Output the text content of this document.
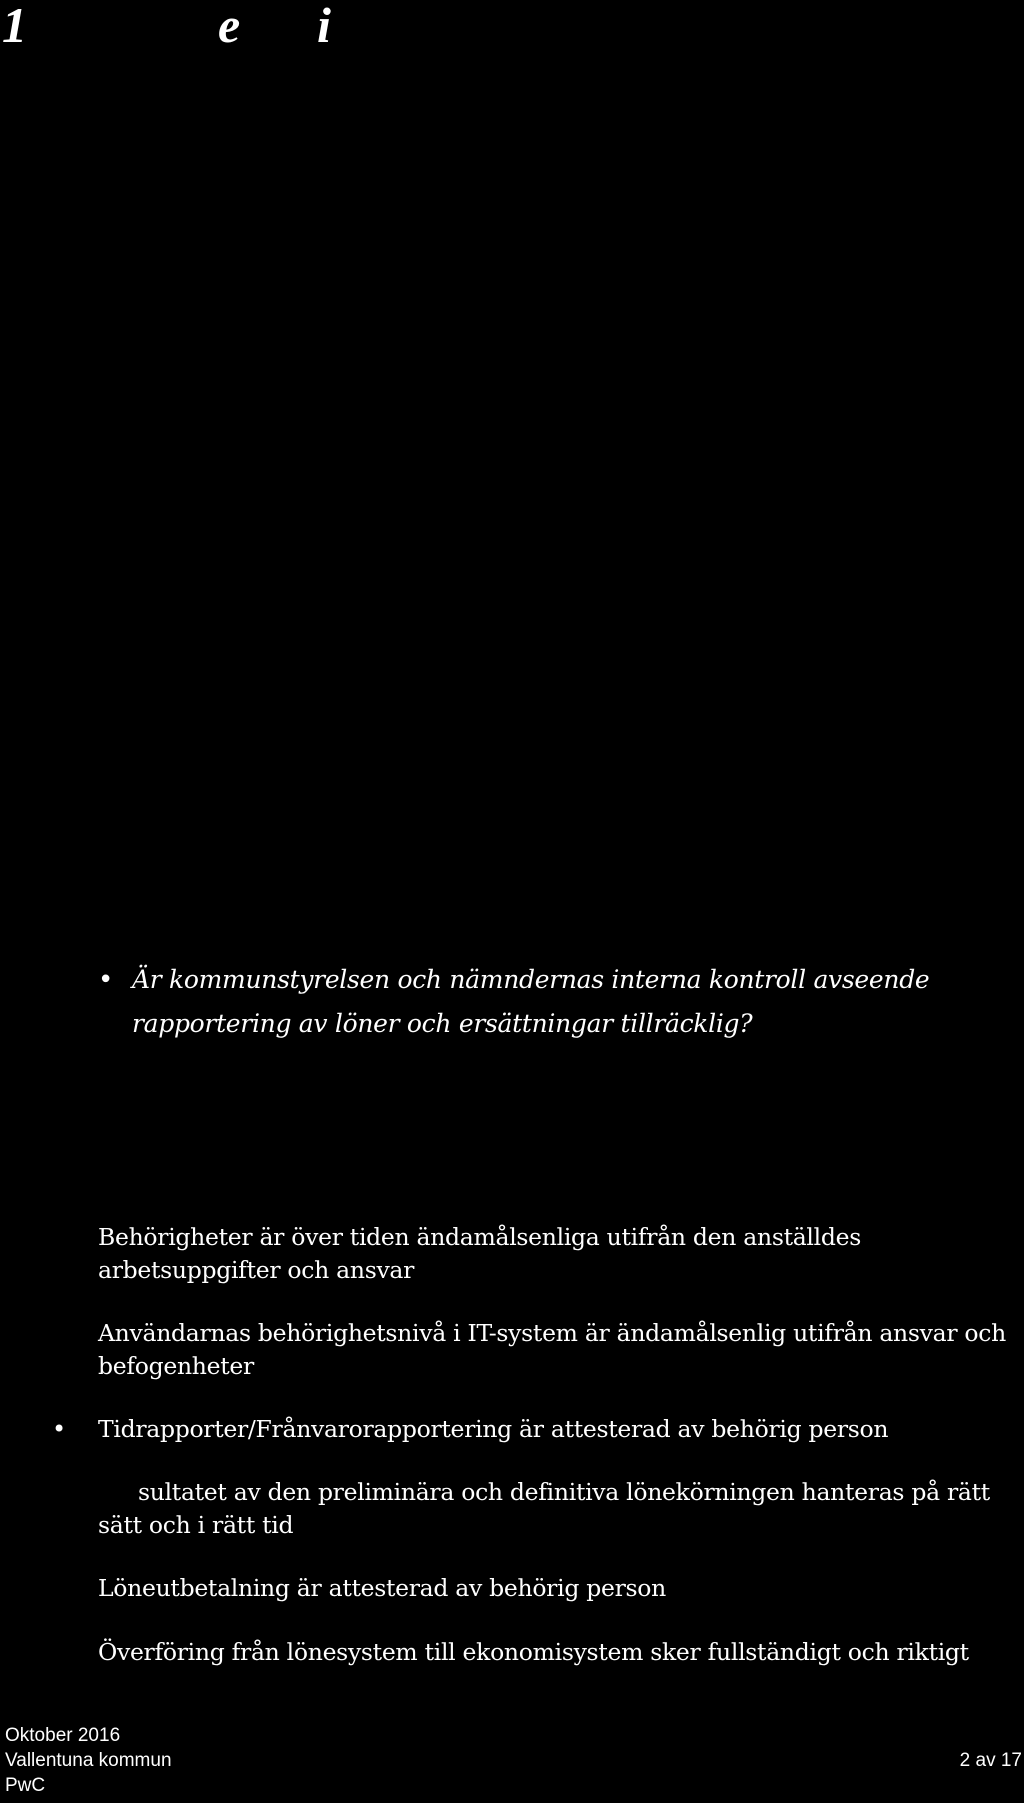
1	e i
• Är kommunstyrelsen och nämndernas interna kontroll avseende rapportering av löner och ersättningar tillräcklig?
Behörigheter är över tiden ändamålsenliga utifrån den anställdes arbetsuppgifter och ansvar
Användarnas behörighetsnivå i IT-system är ändamålsenlig utifrån ansvar och befogenheter
• Tidrapporter/Frånvarorapportering är attesterad av behörig person
sultatet av den preliminära och definitiva lönekörningen hanteras på rätt sätt och i rätt tid
Löneutbetalning är attesterad av behörig person
Överföring från lönesystem till ekonomisystem sker fullständigt och riktigt
Oktober 2016
Vallentuna kommun
PwC
2 av 17
